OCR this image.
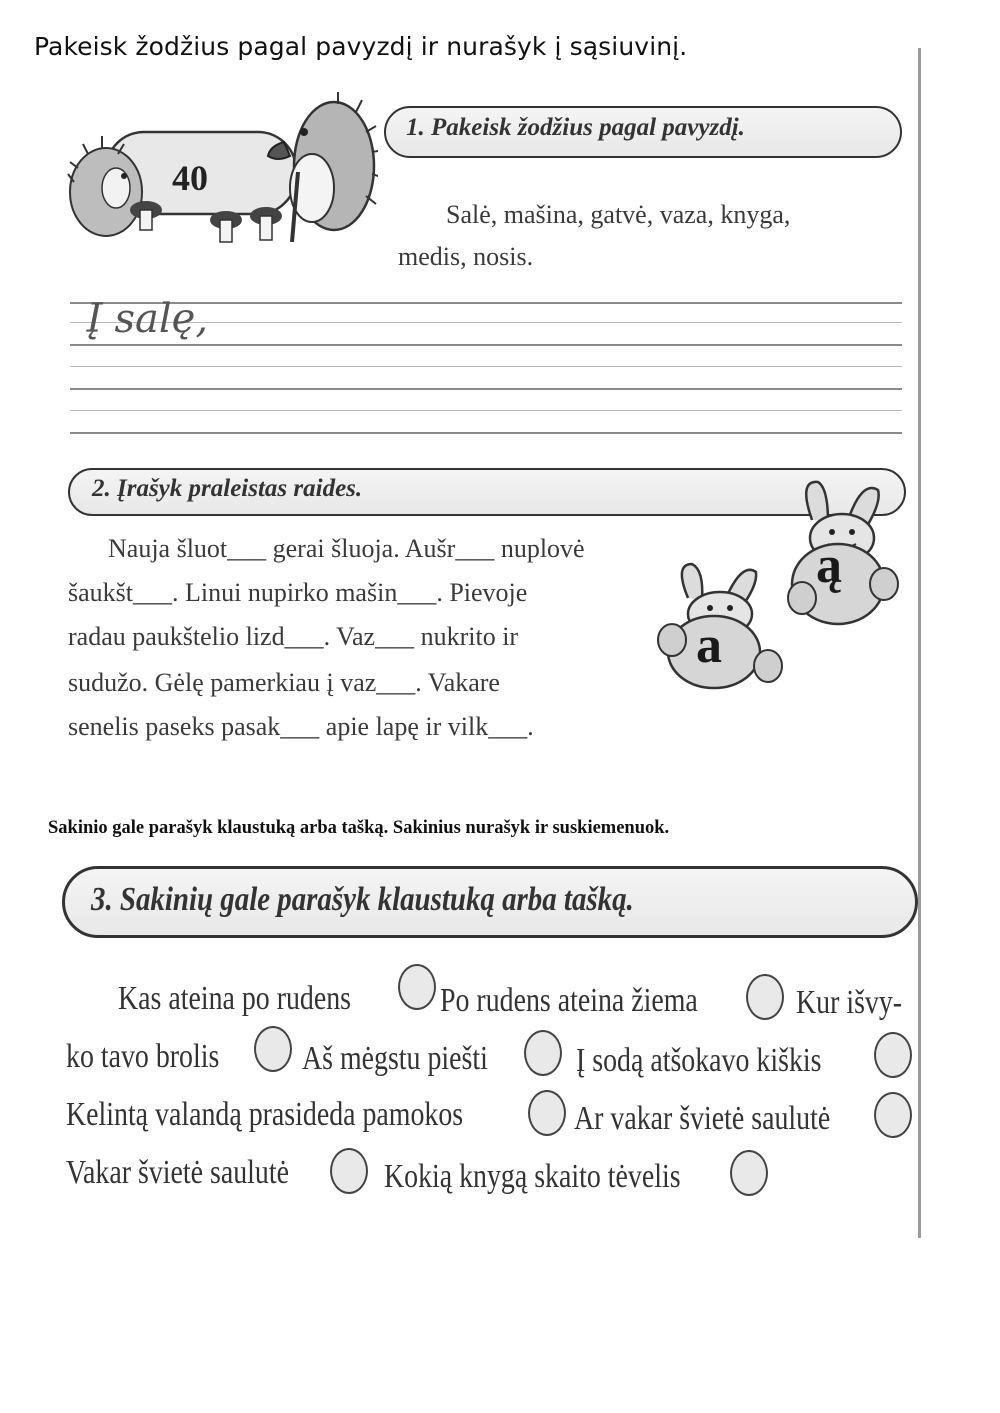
Pakeisk žodžius pagal pavyzdį ir nurašyk į sąsiuvinį.
1. Pakeisk žodžius pagal pavyzdį.
40
Salė, mašina, gatvė, vaza, knyga,
medis, nosis.
Į salę,
2. Įrašyk praleistas raides.
Nauja šluot___ gerai šluoja. Aušr___ nuplovė
šaukšt___. Linui nupirko mašin___. Pievoje
radau paukštelio lizd___. Vaz___ nukrito ir
sudužo. Gėlę pamerkiau į vaz___. Vakare
senelis paseks pasak___ apie lapę ir vilk___.
ą
a
Sakinio gale parašyk klaustuką arba tašką. Sakinius nurašyk ir suskiemenuok.
3. Sakinių gale parašyk klaustuką arba tašką.
Kas ateina po rudens	Po rudens ateina žiema	Kur išvy-
ko tavo brolis Aš mėgstu piešti	Į sodą atšokavo kiškis
Kelintą valandą prasideda pamokos	Ar vakar švietė saulutė
Vakar švietė saulutė	Kokią knygą skaito tėvelis
